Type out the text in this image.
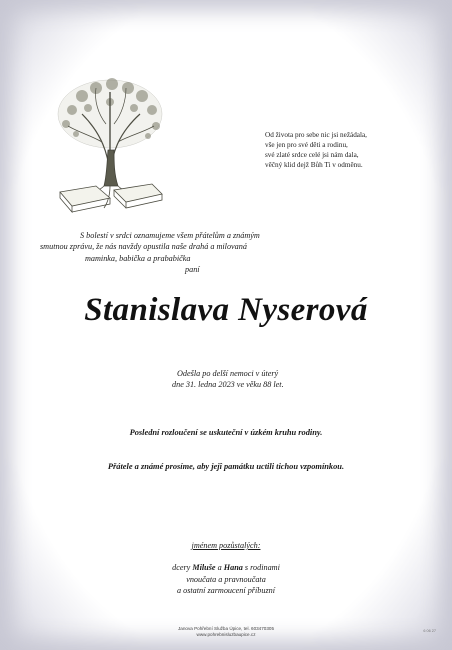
Od života pro sebe nic jsi nežádala,
vše jen pro své děti a rodinu,
své zlaté srdce celé jsi nám dala,
věčný klid dejž Bůh Ti v odměnu.
S bolestí v srdci oznamujeme všem přátelům a známým
smutnou zprávu, že nás navždy opustila naše drahá a milovaná
maminka, babička a prababička
paní
Stanislava Nyserová
Odešla po delší nemoci v úterý
dne 31. ledna 2023 ve věku 88 let.
Poslední rozloučení se uskuteční v úzkém kruhu rodiny.
Přátele a známé prosíme, aby jejî památku uctili tichou vzpomínkou.
jménem pozůstalých:
dcery Miluše a Hana s rodinami
vnoučata a pravnoučata
a ostatní zarmoucení příbuzní
Janova Pohřební Služba Úpice, tel. 603470305
www.pohrebnisluzbaupice.cz
6 06 27
